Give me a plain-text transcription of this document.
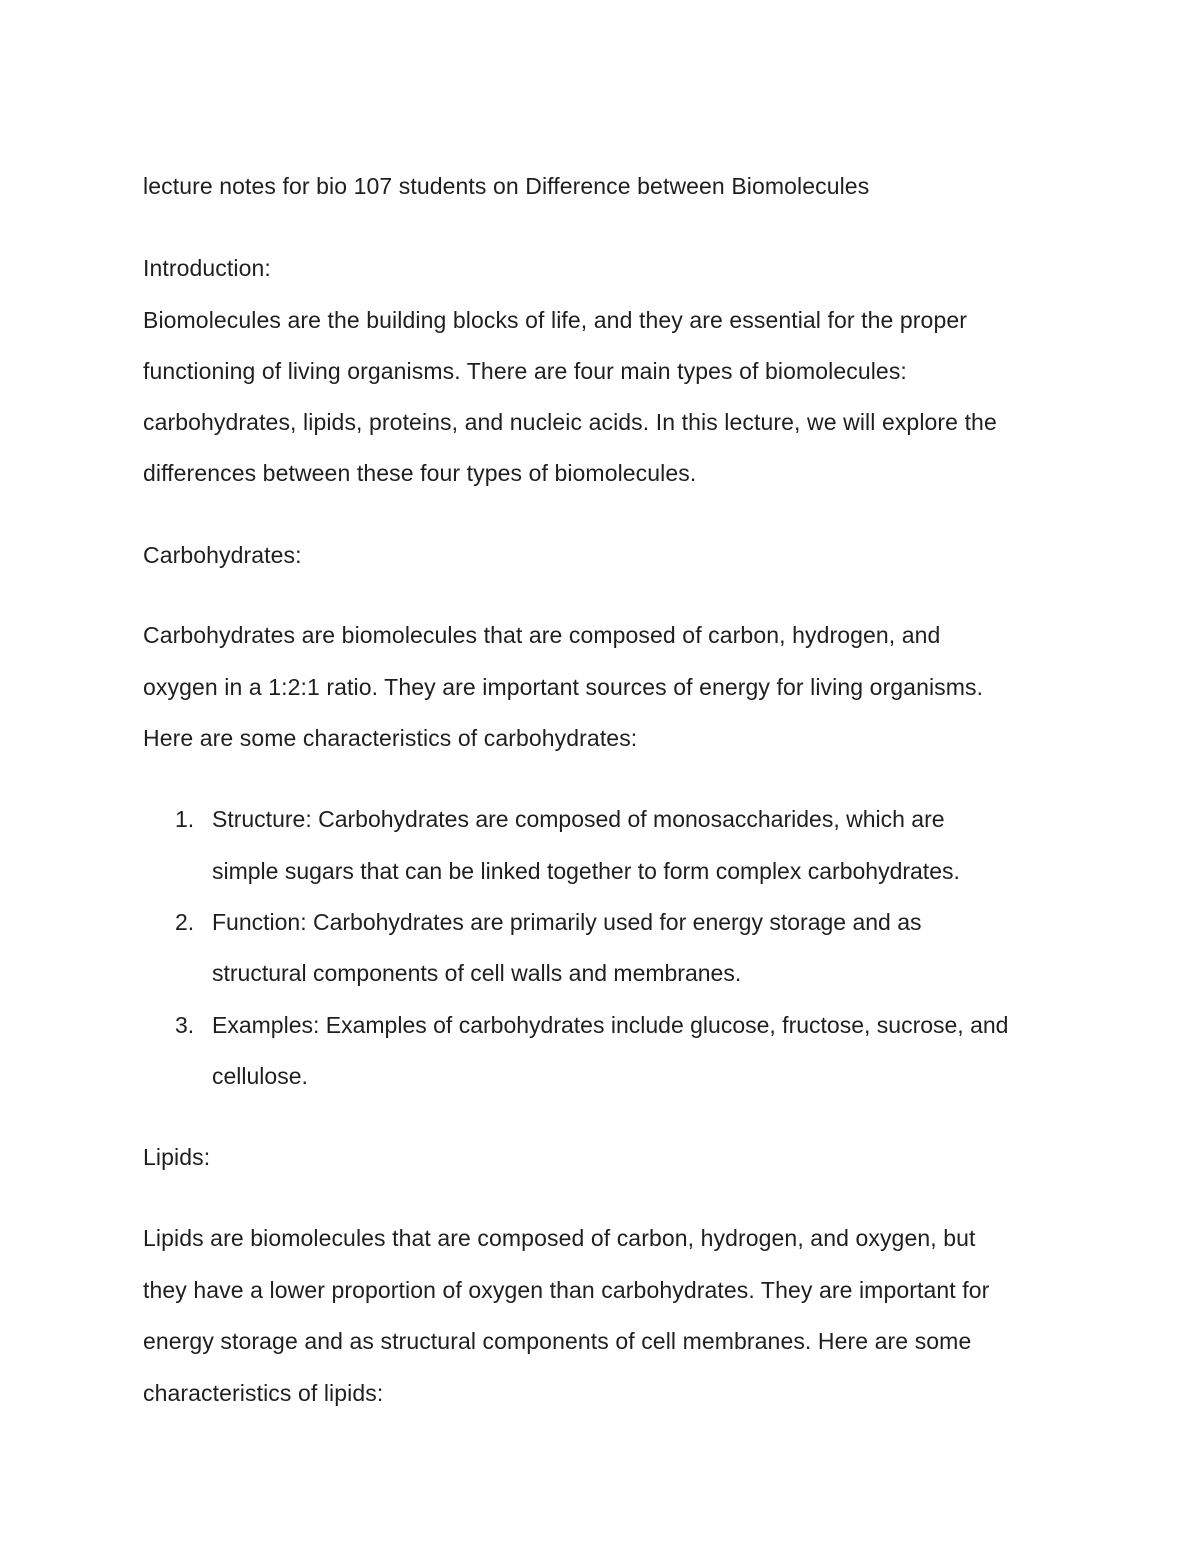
lecture notes for bio 107 students on Difference between Biomolecules
Introduction:
Biomolecules are the building blocks of life, and they are essential for the proper
functioning of living organisms. There are four main types of biomolecules:
carbohydrates, lipids, proteins, and nucleic acids. In this lecture, we will explore the
differences between these four types of biomolecules.
Carbohydrates:
Carbohydrates are biomolecules that are composed of carbon, hydrogen, and
oxygen in a 1:2:1 ratio. They are important sources of energy for living organisms.
Here are some characteristics of carbohydrates:
1. Structure: Carbohydrates are composed of monosaccharides, which are
simple sugars that can be linked together to form complex carbohydrates.
2. Function: Carbohydrates are primarily used for energy storage and as
structural components of cell walls and membranes.
3. Examples: Examples of carbohydrates include glucose, fructose, sucrose, and
cellulose.
Lipids:
Lipids are biomolecules that are composed of carbon, hydrogen, and oxygen, but
they have a lower proportion of oxygen than carbohydrates. They are important for
energy storage and as structural components of cell membranes. Here are some
characteristics of lipids:
